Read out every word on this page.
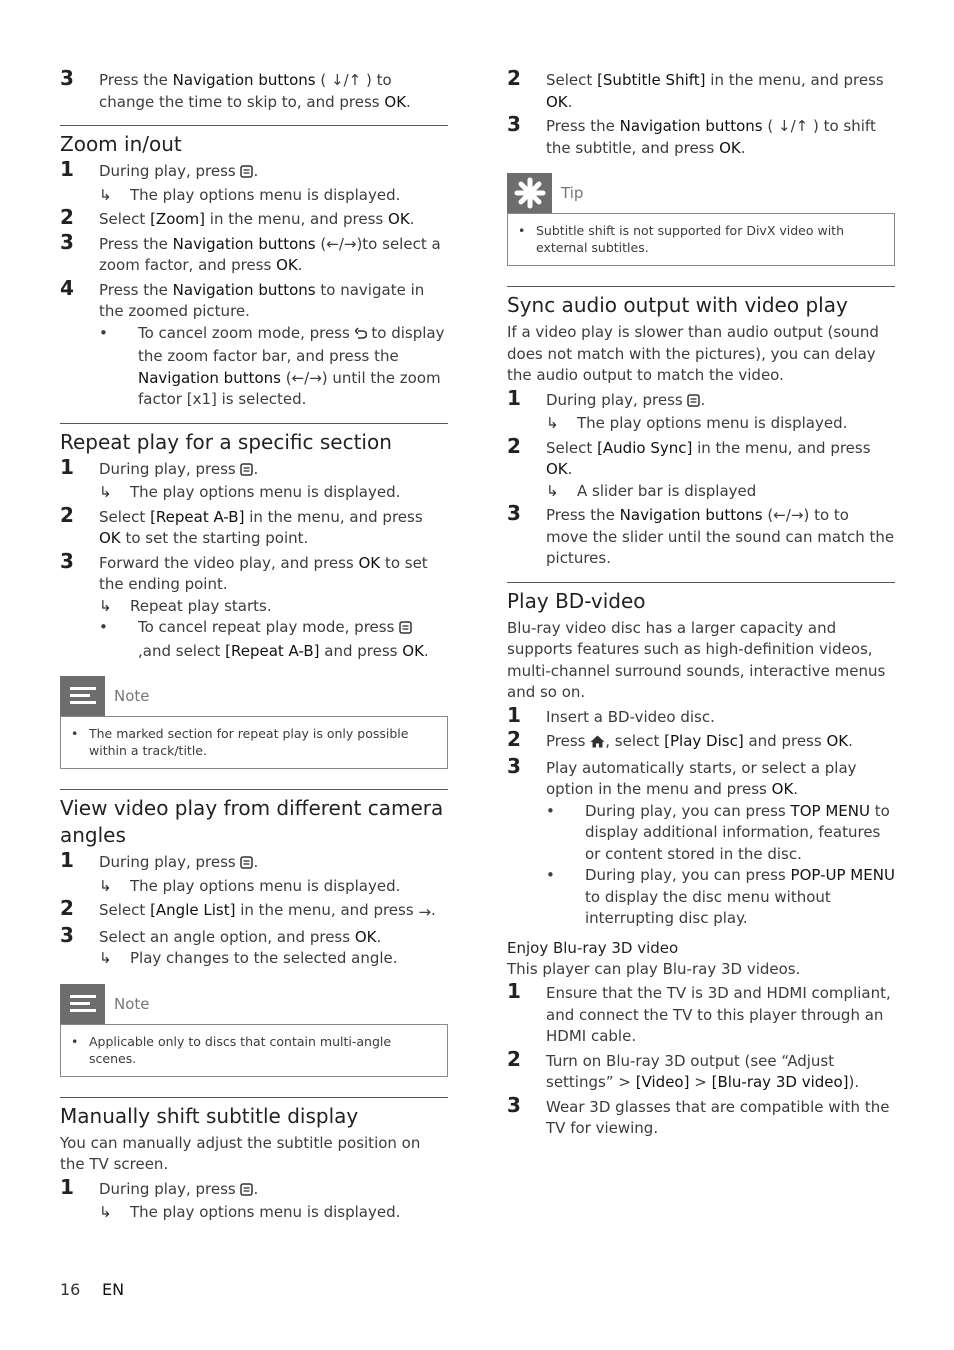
3 Press the Navigation buttons ( ↓/↑ ) to change the time to skip to, and press OK.
Zoom in/out
1 During play, press .
↳ The play options menu is displayed.
2 Select [Zoom] in the menu, and press OK.
3 Press the Navigation buttons (←/→)to select a zoom factor, and press OK.
4 Press the Navigation buttons to navigate in the zoomed picture.
• To cancel zoom mode, press to display the zoom factor bar, and press the Navigation buttons (←/→) until the zoom factor [x1] is selected.
Repeat play for a specific section
1 During play, press .
↳ The play options menu is displayed.
2 Select [Repeat A-B] in the menu, and press OK to set the starting point.
3 Forward the video play, and press OK to set the ending point.
↳ Repeat play starts.
• To cancel repeat play mode, press  ,and select [Repeat A-B] and press OK.
Note
• The marked section for repeat play is only possible within a track/title.
View video play from different camera angles
1 During play, press .
↳ The play options menu is displayed.
2 Select [Angle List] in the menu, and press →.
3 Select an angle option, and press OK.
↳ Play changes to the selected angle.
Note
• Applicable only to discs that contain multi-angle scenes.
Manually shift subtitle display

You can manually adjust the subtitle position on the TV screen.

1 During play, press .
↳ The play options menu is displayed.
2 Select [Subtitle Shift] in the menu, and press OK.
3 Press the Navigation buttons ( ↓/↑ ) to shift the subtitle, and press OK.
Tip
• Subtitle shift is not supported for DivX video with external subtitles.
Sync audio output with video play

If a video play is slower than audio output (sound does not match with the pictures), you can delay the audio output to match the video.

1 During play, press .
↳ The play options menu is displayed.
2 Select [Audio Sync] in the menu, and press OK.
↳ A slider bar is displayed
3 Press the Navigation buttons (←/→) to to move the slider until the sound can match the pictures.
Play BD-video

Blu-ray video disc has a larger capacity and supports features such as high-definition videos, multi-channel surround sounds, interactive menus and so on.

1 Insert a BD-video disc.
2 Press , select [Play Disc] and press OK.
3 Play automatically starts, or select a play option in the menu and press OK.
• During play, you can press TOP MENU to display additional information, features or content stored in the disc.
• During play, you can press POP-UP MENU to display the disc menu without interrupting disc play.
Enjoy Blu-ray 3D video

This player can play Blu-ray 3D videos.

1 Ensure that the TV is 3D and HDMI compliant, and connect the TV to this player through an HDMI cable.
2 Turn on Blu-ray 3D output (see “Adjust settings” > [Video] > [Blu-ray 3D video]).
3 Wear 3D glasses that are compatible with the TV for viewing.
16 EN
